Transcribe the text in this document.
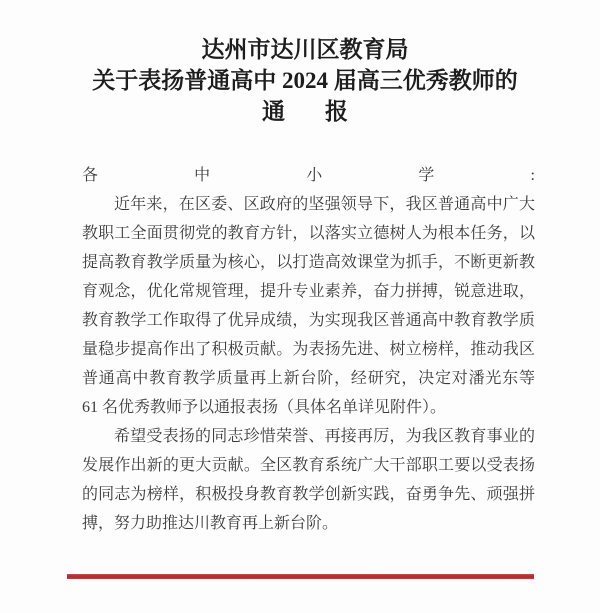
达州市达川区教育局
关于表扬普通高中 2024 届高三优秀教师的
通 报
各中小学:
近年来，在区委、区政府的坚强领导下，我区普通高中广大
教职工全面贯彻党的教育方针，以落实立德树人为根本任务，以
提高教育教学质量为核心，以打造高效课堂为抓手，不断更新教
育观念，优化常规管理，提升专业素养，奋力拼搏，锐意进取，
教育教学工作取得了优异成绩，为实现我区普通高中教育教学质
量稳步提高作出了积极贡献。为表扬先进、树立榜样，推动我区
普通高中教育教学质量再上新台阶，经研究，决定对潘光东等
61 名优秀教师予以通报表扬（具体名单详见附件）。
希望受表扬的同志珍惜荣誉、再接再厉，为我区教育事业的
发展作出新的更大贡献。全区教育系统广大干部职工要以受表扬
的同志为榜样，积极投身教育教学创新实践，奋勇争先、顽强拼
搏，努力助推达川教育再上新台阶。
